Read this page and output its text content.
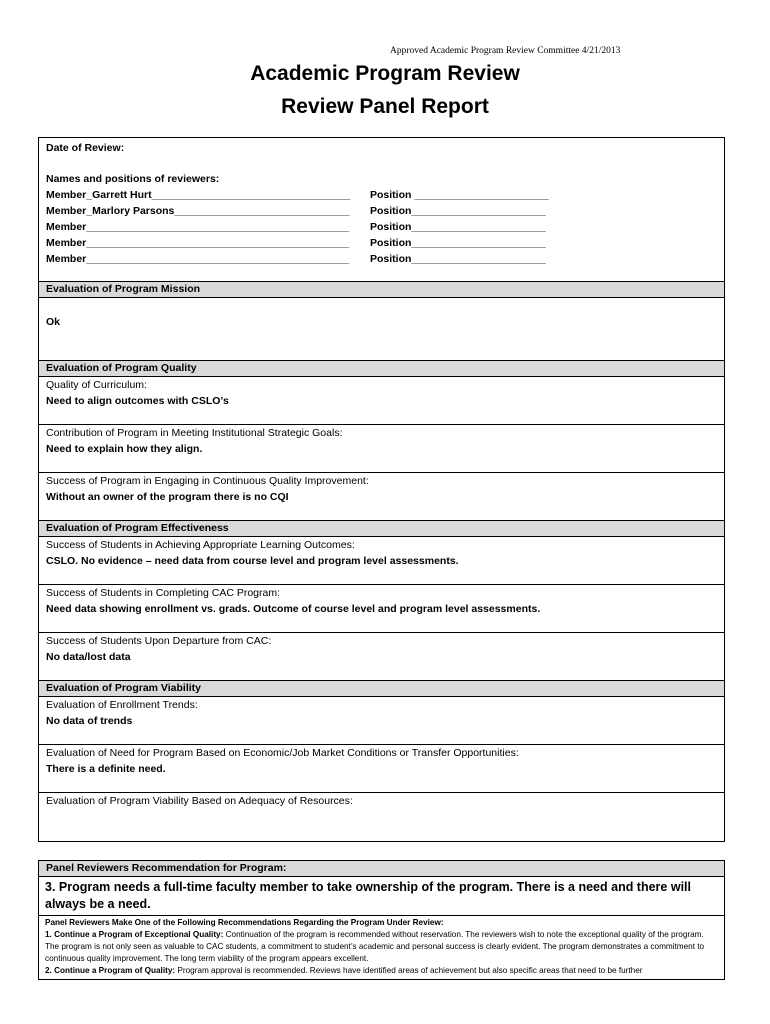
Approved Academic Program Review Committee 4/21/2013
Academic Program Review
Review Panel Report
Date of Review:
Names and positions of reviewers:
Member_Garrett Hurt__________________________________ Position _______________________
Member_Marlory Parsons______________________________ Position_______________________
Member_____________________________________________ Position_______________________
Member_____________________________________________ Position_______________________
Member_____________________________________________ Position_______________________
Evaluation of Program Mission
Ok
Evaluation of Program Quality
Quality of Curriculum:
Need to align outcomes with CSLO’s
Contribution of Program in Meeting Institutional Strategic Goals:
Need to explain how they align.
Success of Program in Engaging in Continuous Quality Improvement:
Without an owner of the program there is no CQI
Evaluation of Program Effectiveness
Success of Students in Achieving Appropriate Learning Outcomes:
CSLO. No evidence – need data from course level and program level assessments.
Success of Students in Completing CAC Program:
Need data showing enrollment vs. grads. Outcome of course level and program level assessments.
Success of Students Upon Departure from CAC:
No data/lost data
Evaluation of Program Viability
Evaluation of Enrollment Trends:
No data of trends
Evaluation of Need for Program Based on Economic/Job Market Conditions or Transfer Opportunities:
There is a definite need.
Evaluation of Program Viability Based on Adequacy of Resources:
Panel Reviewers Recommendation for Program:
3. Program needs a full-time faculty member to take ownership of the program. There is a need and there will always be a need.
Panel Reviewers Make One of the Following Recommendations Regarding the Program Under Review:
1. Continue a Program of Exceptional Quality: Continuation of the program is recommended without reservation. The reviewers wish to note the exceptional quality of the program. The program is not only seen as valuable to CAC students, a commitment to student’s academic and personal success is clearly evident. The program demonstrates a commitment to continuous quality improvement. The long term viability of the program appears excellent.
2. Continue a Program of Quality: Program approval is recommended. Reviews have identified areas of achievement but also specific areas that need to be further
